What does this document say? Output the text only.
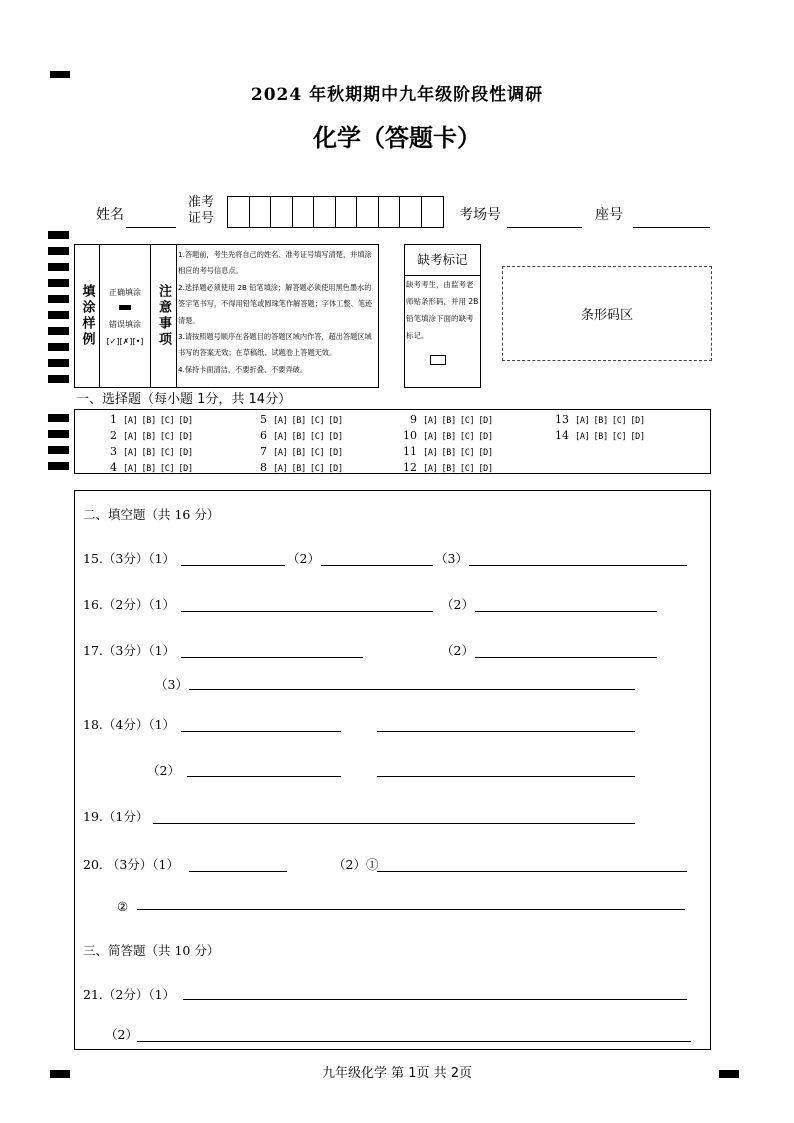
2024 年秋期期中九年级阶段性调研
化学（答题卡）
姓名
准考
证号	考场号	座号
填涂样例 正确填涂
错误填涂
[✓][✗][•] 注意事项
1.答题前，考生先将自己的姓名、准考证号填写清楚，并填涂相应的考号信息点。
2.选择题必须使用 2B 铅笔填涂；解答题必须使用黑色墨水的签字笔书写，不得用铅笔或圆珠笔作解答题；字体工整、笔迹清楚。
3.请按照题号顺序在各题目的答题区域内作答，超出答题区域书写的答案无效；在草稿纸、试题卷上答题无效。
4.保持卡面清洁，不要折叠、不要弄破。
缺考标记
缺考考生，由监考老师贴条形码，并用 2B 铅笔填涂下面的缺考标记。
条形码区
一、选择题（每小题 1分，共 14分）
1 [A] [B] [C] [D]
2 [A] [B] [C] [D]
3 [A] [B] [C] [D]
4 [A] [B] [C] [D]
5 [A] [B] [C] [D]
6 [A] [B] [C] [D]
7 [A] [B] [C] [D]
8 [A] [B] [C] [D]
9 [A] [B] [C] [D]
10 [A] [B] [C] [D]
11 [A] [B] [C] [D]
12 [A] [B] [C] [D]
13 [A] [B] [C] [D]
14 [A] [B] [C] [D]
二、填空题（共 16 分）
15.（3分）（1）	（2）	（3）
16.（2分）（1）	（2）
17.（3分）（1）	（2）
（3）
18.（4分）（1）
（2）
19.（1分）
20. （3分）（1）	（2）①
②
三、简答题（共 10 分）
21.（2分）（1）
（2）
九年级化学 第 1页 共 2页
